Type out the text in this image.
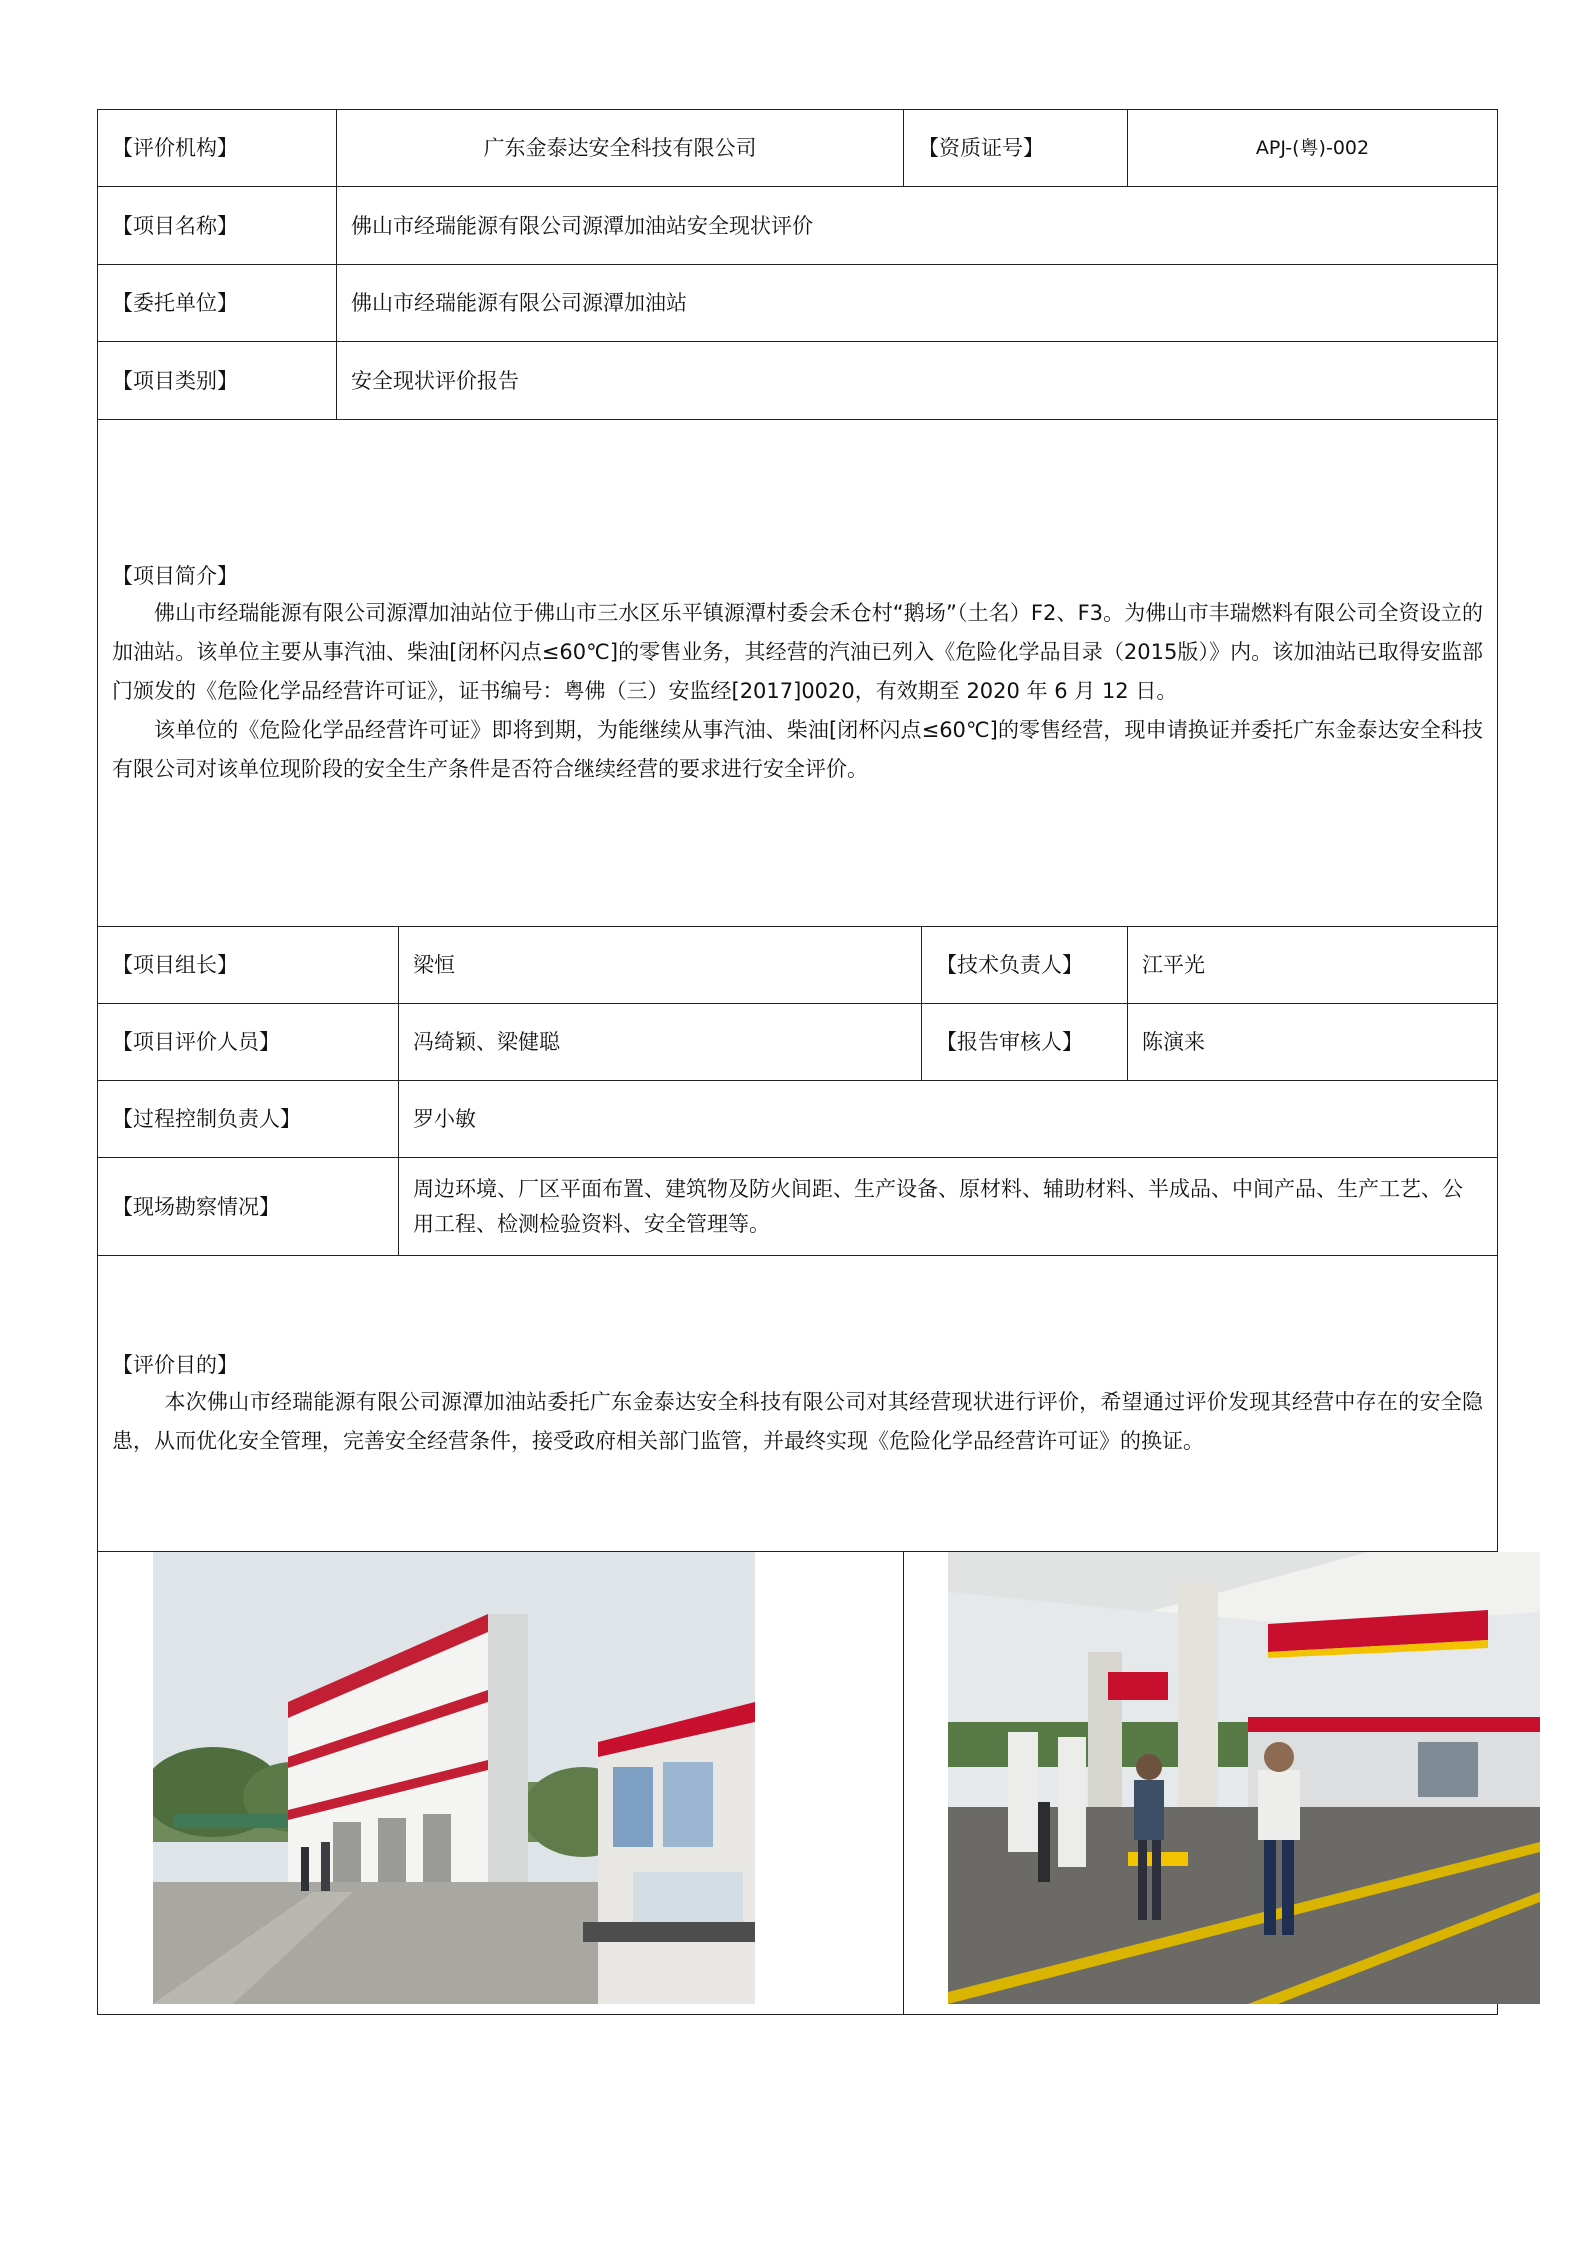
【评价机构】	广东金泰达安全科技有限公司		【资质证号】		APJ-(粤)-002
【项目名称】	佛山市经瑞能源有限公司源潭加油站安全现状评价				
【委托单位】	佛山市经瑞能源有限公司源潭加油站				
【项目类别】	安全现状评价报告				

【项目简介】

佛山市经瑞能源有限公司源潭加油站位于佛山市三水区乐平镇源潭村委会禾仓村“鹅场”（土名）F2、F3。为佛山市丰瑞燃料有限公司全资设立的加油站。该单位主要从事汽油、柴油[闭杯闪点≤60℃]的零售业务，其经营的汽油已列入《危险化学品目录（2015版）》内。该加油站已取得安监部门颁发的《危险化学品经营许可证》，证书编号：粤佛（三）安监经[2017]0020，有效期至 2020 年 6 月 12 日。

该单位的《危险化学品经营许可证》即将到期，为能继续从事汽油、柴油[闭杯闪点≤60℃]的零售经营，现申请换证并委托广东金泰达安全科技有限公司对该单位现阶段的安全生产条件是否符合继续经营的要求进行安全评价。					

【项目组长】		梁恒		【技术负责人】	江平光
【项目评价人员】		冯绮颖、梁健聪		【报告审核人】	陈演来
【过程控制负责人】		罗小敏			
【现场勘察情况】		周边环境、厂区平面布置、建筑物及防火间距、生产设备、原材料、辅助材料、半成品、中间产品、生产工艺、公用工程、检测检验资料、安全管理等。			

【评价目的】

本次佛山市经瑞能源有限公司源潭加油站委托广东金泰达安全科技有限公司对其经营现状进行评价，希望通过评价发现其经营中存在的安全隐患，从而优化安全管理，完善安全经营条件，接受政府相关部门监管，并最终实现《危险化学品经营许可证》的换证。					
